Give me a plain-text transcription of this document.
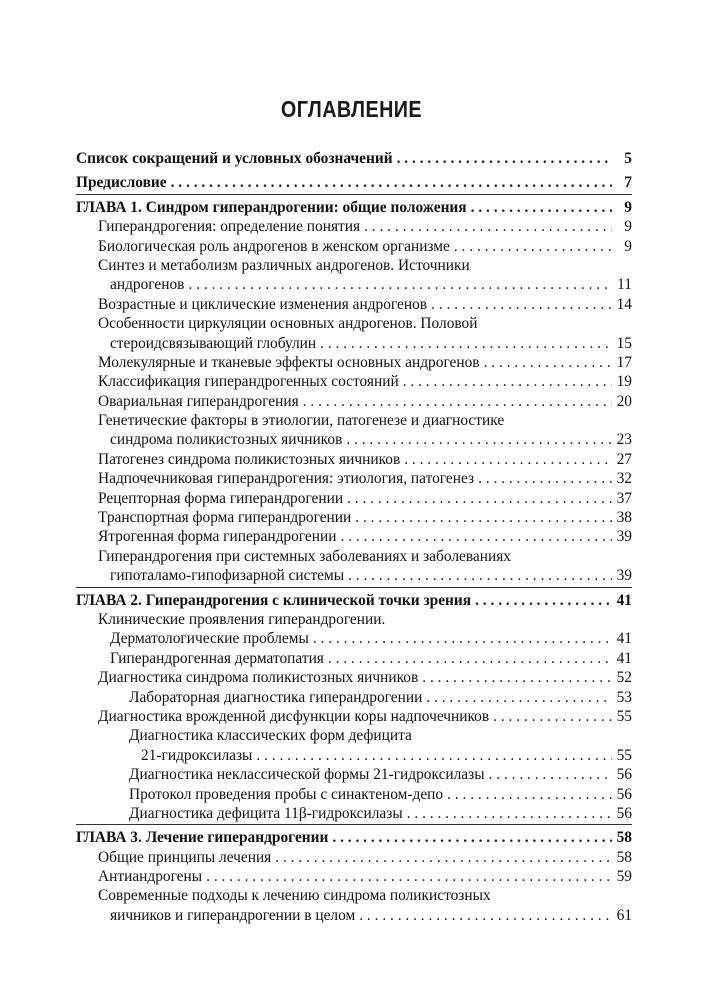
ОГЛАВЛЕНИЕ
Список сокращений и условных обозначений . . .	5
Предисловие . . .	7
ГЛАВА 1. Синдром гиперандрогении: общие положения . . .	9
Гиперандрогения: определение понятия . . .	9
Биологическая роль андрогенов в женском организме . . .	9
Синтез и метаболизм различных андрогенов. Источники
андрогенов . . .	11
Возрастные и циклические изменения андрогенов . . .	14
Особенности циркуляции основных андрогенов. Половой
стероидсвязывающий глобулин . . .	15
Молекулярные и тканевые эффекты основных андрогенов . . .	17
Классификация гиперандрогенных состояний . . .	19
Овариальная гиперандрогения . . .	20
Генетические факторы в этиологии, патогенезе и диагностике
синдрома поликистозных яичников . . .	23
Патогенез синдрома поликистозных яичников . . .	27
Надпочечниковая гиперандрогения: этиология, патогенез . . .	32
Рецепторная форма гиперандрогении . . .	37
Транспортная форма гиперандрогении . . .	38
Ятрогенная форма гиперандрогении . . .	39
Гиперандрогения при системных заболеваниях и заболеваниях
гипоталамо-гипофизарной системы . . .	39
ГЛАВА 2. Гиперандрогения с клинической точки зрения . . .	41
Клинические проявления гиперандрогении.
Дерматологические проблемы . . .	41
Гиперандрогенная дерматопатия . . .	41
Диагностика синдрома поликистозных яичников . . .	52
Лабораторная диагностика гиперандрогении . . .	53
Диагностика врожденной дисфункции коры надпочечников . . .	55
Диагностика классических форм дефицита
21-гидроксилазы . . .	55
Диагностика неклассической формы 21-гидроксилазы . . .	56
Протокол проведения пробы с синактеном-депо . . .	56
Диагностика дефицита 11β-гидроксилазы . . .	56
ГЛАВА 3. Лечение гиперандрогении . . .	58
Общие принципы лечения . . .	58
Антиандрогены . . .	59
Современные подходы к лечению синдрома поликистозных
яичников и гиперандрогении в целом . . .	61
